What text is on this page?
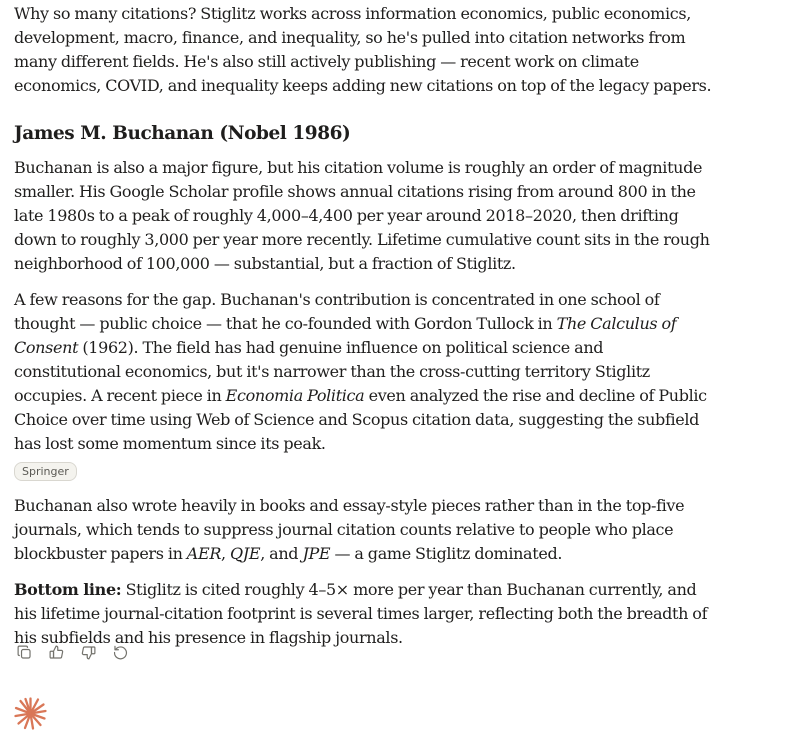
Why so many citations? Stiglitz works across information economics, public economics, development, macro, finance, and inequality, so he's pulled into citation networks from many different fields. He's also still actively publishing — recent work on climate economics, COVID, and inequality keeps adding new citations on top of the legacy papers.

James M. Buchanan (Nobel 1986)

Buchanan is also a major figure, but his citation volume is roughly an order of magnitude smaller. His Google Scholar profile shows annual citations rising from around 800 in the late 1980s to a peak of roughly 4,000–4,400 per year around 2018–2020, then drifting down to roughly 3,000 per year more recently. Lifetime cumulative count sits in the rough neighborhood of 100,000 — substantial, but a fraction of Stiglitz.

A few reasons for the gap. Buchanan's contribution is concentrated in one school of thought — public choice — that he co-founded with Gordon Tullock in The Calculus of Consent (1962). The field has had genuine influence on political science and constitutional economics, but it's narrower than the cross-cutting territory Stiglitz occupies. A recent piece in Economia Politica even analyzed the rise and decline of Public Choice over time using Web of Science and Scopus citation data, suggesting the subfield has lost some momentum since its peak.

Springer

Buchanan also wrote heavily in books and essay-style pieces rather than in the top-five journals, which tends to suppress journal citation counts relative to people who place blockbuster papers in AER, QJE, and JPE — a game Stiglitz dominated.

Bottom line: Stiglitz is cited roughly 4–5× more per year than Buchanan currently, and his lifetime journal-citation footprint is several times larger, reflecting both the breadth of his subfields and his presence in flagship journals.
